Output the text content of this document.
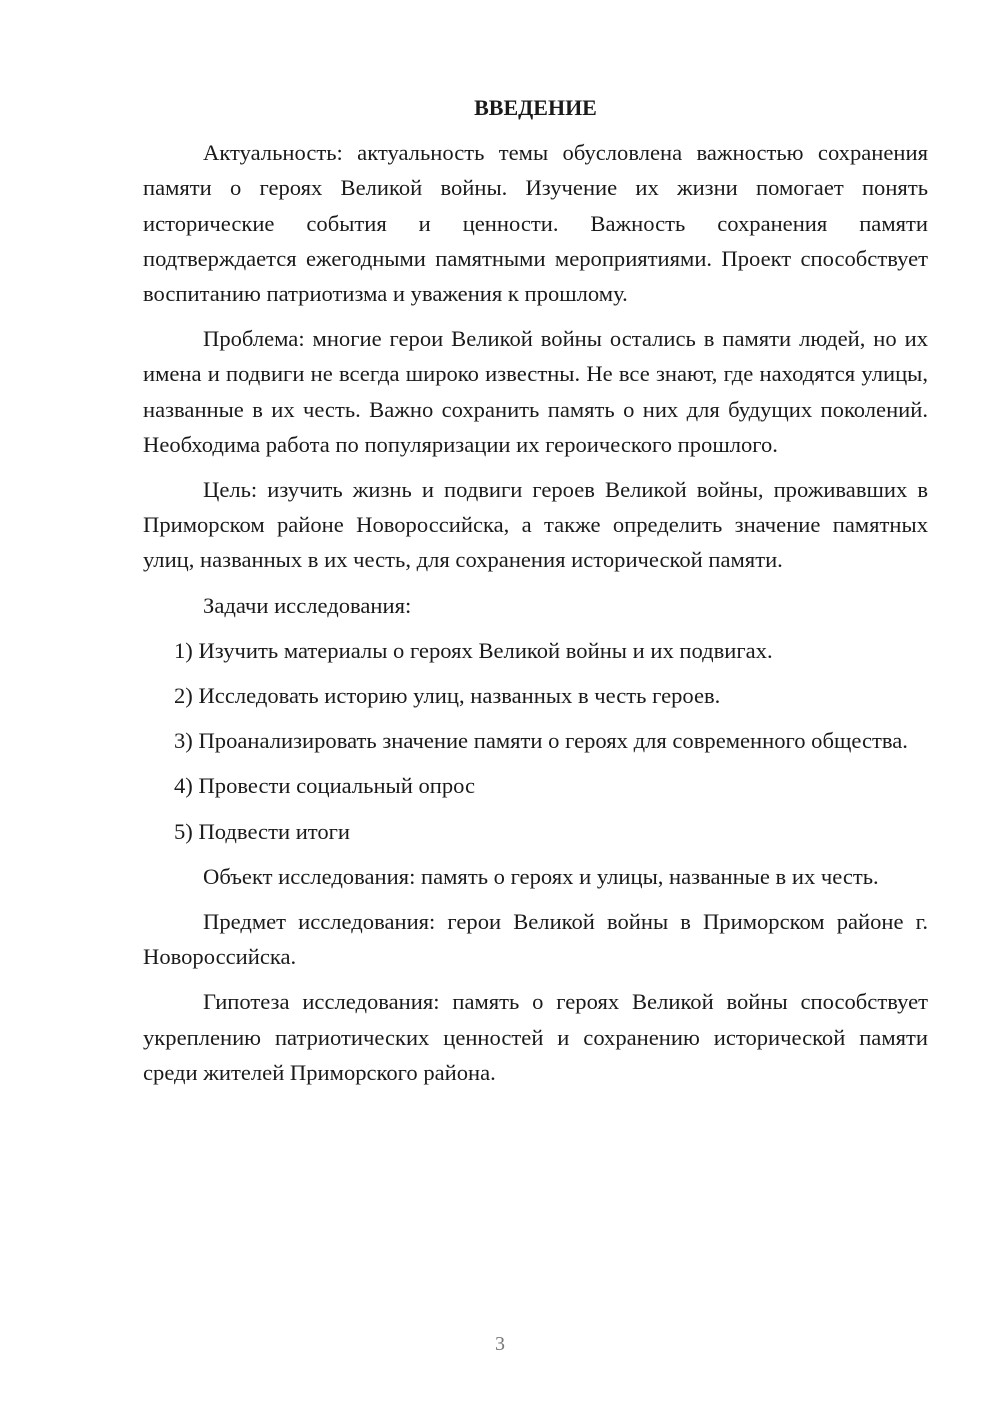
ВВЕДЕНИЕ

Актуальность: актуальность темы обусловлена важностью сохранения памяти о героях Великой войны. Изучение их жизни помогает понять исторические события и ценности. Важность сохранения памяти подтверждается ежегодными памятными мероприятиями. Проект способствует воспитанию патриотизма и уважения к прошлому.

Проблема: многие герои Великой войны остались в памяти людей, но их имена и подвиги не всегда широко известны. Не все знают, где находятся улицы, названные в их честь. Важно сохранить память о них для будущих поколений. Необходима работа по популяризации их героического прошлого.

Цель: изучить жизнь и подвиги героев Великой войны, проживавших в Приморском районе Новороссийска, а также определить значение памятных улиц, названных в их честь, для сохранения исторической памяти.

Задачи исследования:

1) Изучить материалы о героях Великой войны и их подвигах.

2) Исследовать историю улиц, названных в честь героев.

3) Проанализировать значение памяти о героях для современного общества.

4) Провести социальный опрос

5) Подвести итоги

Объект исследования: память о героях и улицы, названные в их честь.

Предмет исследования: герои Великой войны в Приморском районе г. Новороссийска.

Гипотеза исследования: память о героях Великой войны способствует укреплению патриотических ценностей и сохранению исторической памяти среди жителей Приморского района.

3
